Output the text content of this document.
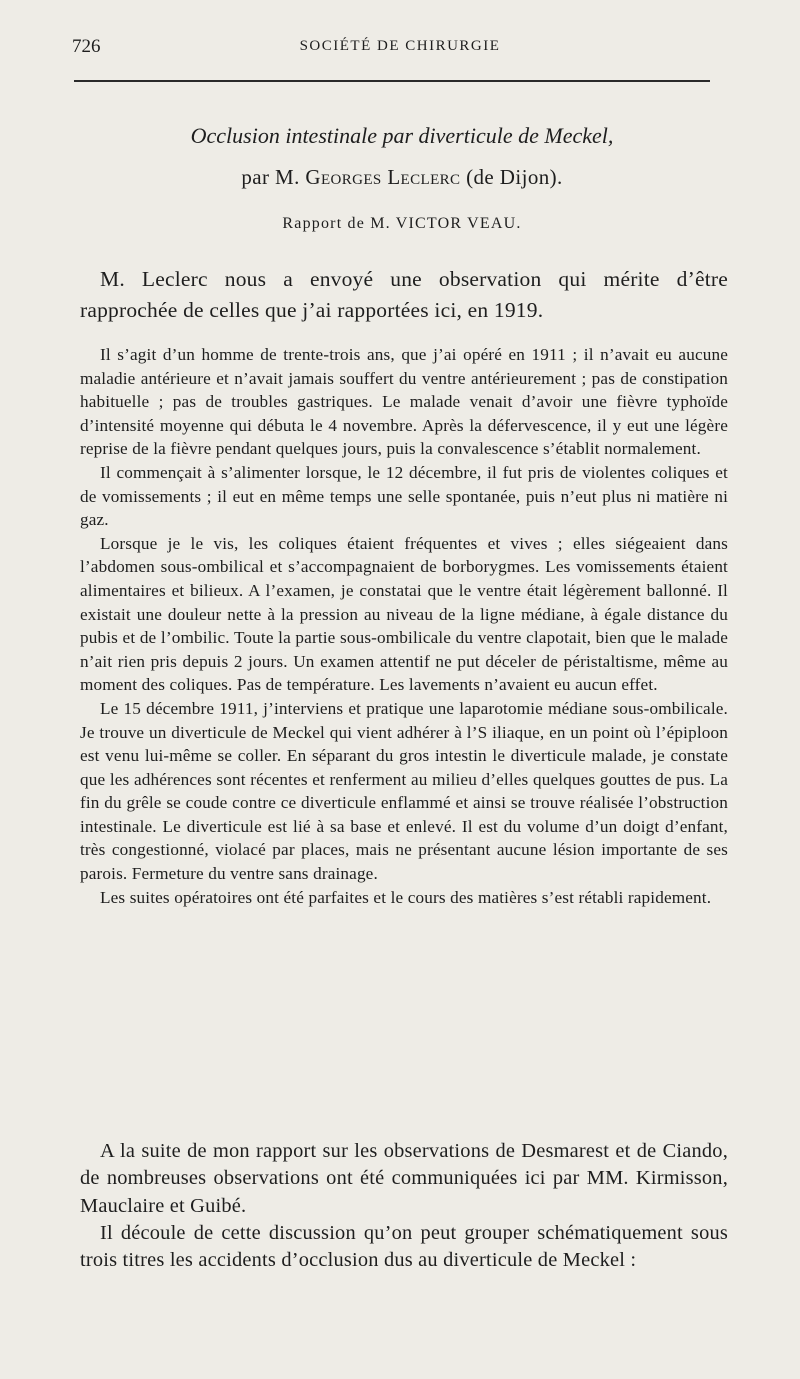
726	SOCIÉTÉ DE CHIRURGIE
Occlusion intestinale par diverticule de Meckel,
par M. Georges Leclerc (de Dijon).
Rapport de M. VICTOR VEAU.

M. Leclerc nous a envoyé une observation qui mérite d’être rapprochée de celles que j’ai rapportées ici, en 1919.

Il s’agit d’un homme de trente-trois ans, que j’ai opéré en 1911 ; il n’avait eu aucune maladie antérieure et n’avait jamais souffert du ventre antérieurement ; pas de constipation habituelle ; pas de troubles gastriques. Le malade venait d’avoir une fièvre typhoïde d’intensité moyenne qui débuta le 4 novembre. Après la défervescence, il y eut une légère reprise de la fièvre pendant quelques jours, puis la convalescence s’établit normalement.

Il commençait à s’alimenter lorsque, le 12 décembre, il fut pris de violentes coliques et de vomissements ; il eut en même temps une selle spontanée, puis n’eut plus ni matière ni gaz.

Lorsque je le vis, les coliques étaient fréquentes et vives ; elles siégeaient dans l’abdomen sous-ombilical et s’accompagnaient de borborygmes. Les vomissements étaient alimentaires et bilieux. A l’examen, je constatai que le ventre était légèrement ballonné. Il existait une douleur nette à la pression au niveau de la ligne médiane, à égale distance du pubis et de l’ombilic. Toute la partie sous-ombilicale du ventre clapotait, bien que le malade n’ait rien pris depuis 2 jours. Un examen attentif ne put déceler de péristaltisme, même au moment des coliques. Pas de température. Les lavements n’avaient eu aucun effet.

Le 15 décembre 1911, j’interviens et pratique une laparotomie médiane sous-ombilicale. Je trouve un diverticule de Meckel qui vient adhérer à l’S iliaque, en un point où l’épiploon est venu lui-même se coller. En séparant du gros intestin le diverticule malade, je constate que les adhérences sont récentes et renferment au milieu d’elles quelques gouttes de pus. La fin du grêle se coude contre ce diverticule enflammé et ainsi se trouve réalisée l’obstruction intestinale. Le diverticule est lié à sa base et enlevé. Il est du volume d’un doigt d’enfant, très congestionné, violacé par places, mais ne présentant aucune lésion importante de ses parois. Fermeture du ventre sans drainage.

Les suites opératoires ont été parfaites et le cours des matières s’est rétabli rapidement.

A la suite de mon rapport sur les observations de Desmarest et de Ciando, de nombreuses observations ont été communiquées ici par MM. Kirmisson, Mauclaire et Guibé.

Il découle de cette discussion qu’on peut grouper schématiquement sous trois titres les accidents d’occlusion dus au diverticule de Meckel :
